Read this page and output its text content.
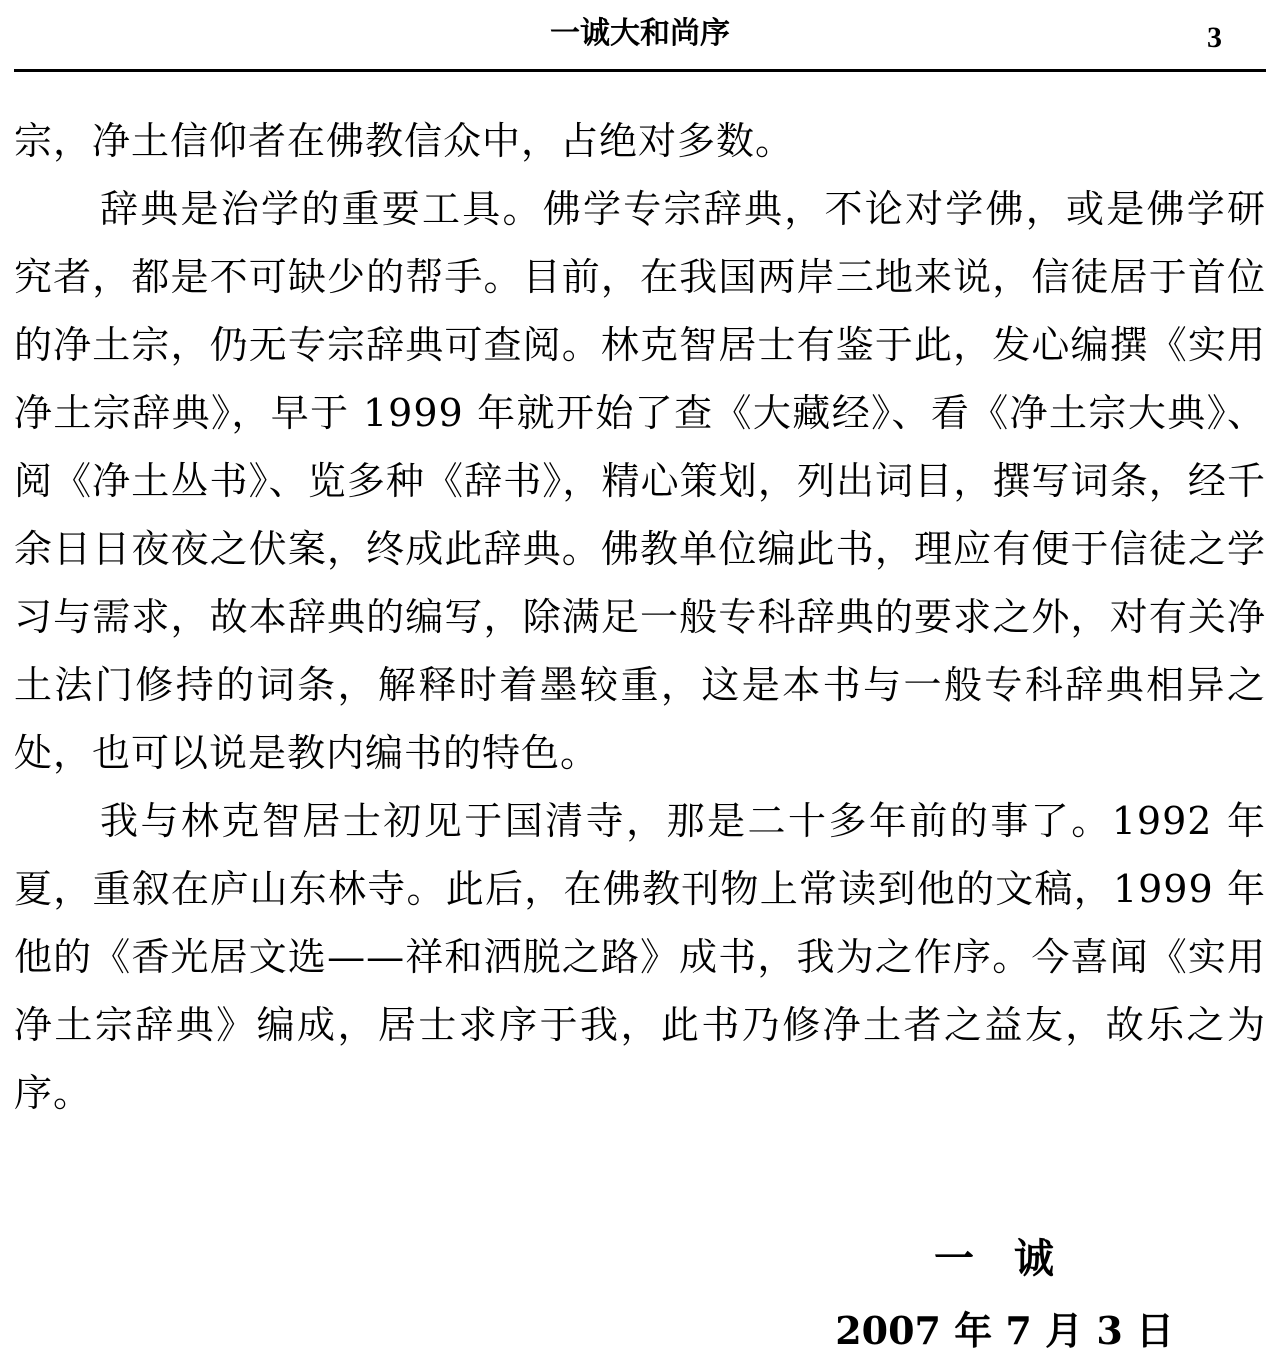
一诚大和尚序	3

宗，净土信仰者在佛教信众中，占绝对多数。

辞典是治学的重要工具。佛学专宗辞典，不论对学佛，或是佛学研究者，都是不可缺少的帮手。目前，在我国两岸三地来说，信徒居于首位的净土宗，仍无专宗辞典可查阅。林克智居士有鉴于此，发心编撰《实用净土宗辞典》，早于 1999 年就开始了查《大藏经》、看《净土宗大典》、阅《净土丛书》、览多种《辞书》，精心策划，列出词目，撰写词条，经千余日日夜夜之伏案，终成此辞典。佛教单位编此书，理应有便于信徒之学习与需求，故本辞典的编写，除满足一般专科辞典的要求之外，对有关净土法门修持的词条，解释时着墨较重，这是本书与一般专科辞典相异之处，也可以说是教内编书的特色。

我与林克智居士初见于国清寺，那是二十多年前的事了。1992 年夏，重叙在庐山东林寺。此后，在佛教刊物上常读到他的文稿，1999 年他的《香光居文选——祥和洒脱之路》成书，我为之作序。今喜闻《实用净土宗辞典》编成，居士求序于我，此书乃修净土者之益友，故乐之为序。

一诚
2007 年 7 月 3 日
